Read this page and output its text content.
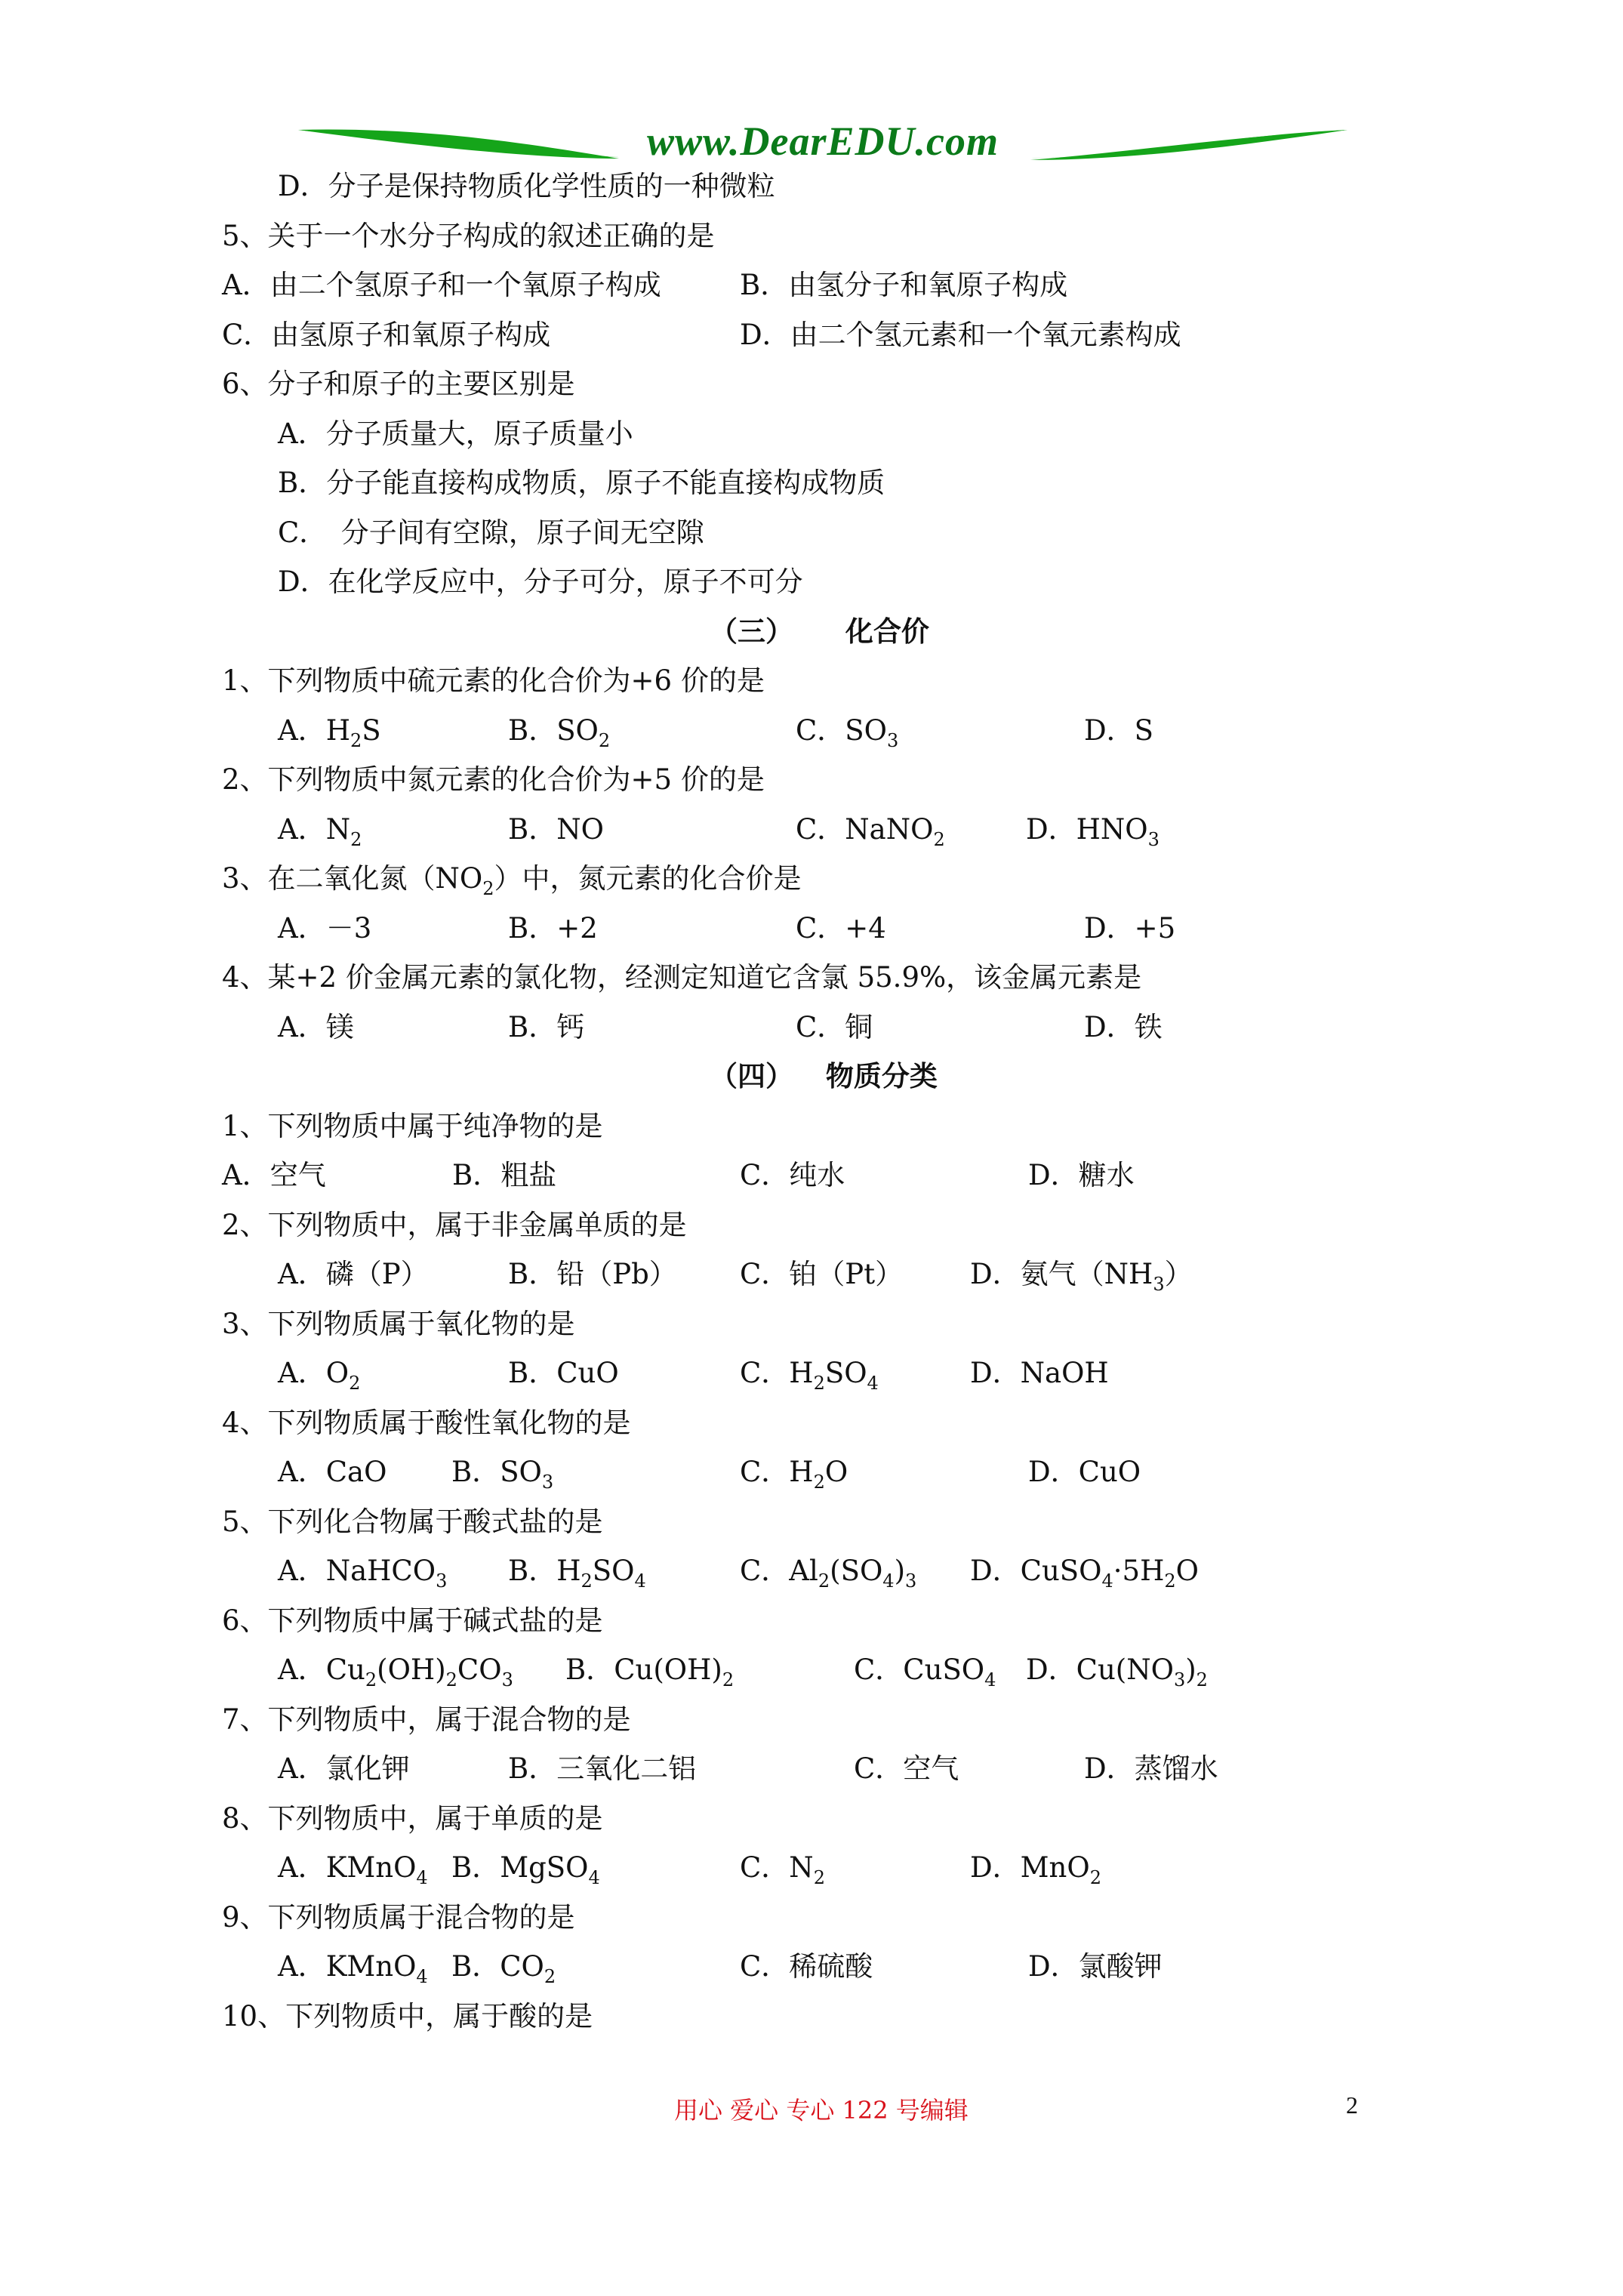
www.DearEDU.com
D．分子是保持物质化学性质的一种微粒
5、关于一个水分子构成的叙述正确的是
A．由二个氢原子和一个氧原子构成	B．由氢分子和氧原子构成
C．由氢原子和氧原子构成	D．由二个氢元素和一个氧元素构成
6、分子和原子的主要区别是
A．分子质量大，原子质量小
B．分子能直接构成物质，原子不能直接构成物质
C．　分子间有空隙，原子间无空隙
D．在化学反应中，分子可分，原子不可分
（三） 化合价
1、下列物质中硫元素的化合价为+6 价的是
A．$H_2S$	B．$SO_2$	C．$SO_3$	D．S
2、下列物质中氮元素的化合价为+5 价的是
A．$N_2$	B．NO	C．NaNO$_2$	D．$HNO_3$
3、在二氧化氮$(NO_2)$中，氮元素的化合价是
A．－3	B．+2	C．+4	D．+5
4、某+2 价金属元素的氯化物，经测定知道它含氯 55.9%，该金属元素是
A．镁	B．钙	C．铜	D．铁
（四） 物质分类
1、下列物质中属于纯净物的是
A．空气	B．粗盐	C．纯水	D．糖水
2、下列物质中，属于非金属单质的是
A．磷（P）	B．铅（Pb） C．铂（Pt） D．氨气$(NH_3)$
3、下列物质属于氧化物的是
A．$O_2$	B．CuO	C．$H_2SO_4$	D．NaOH
4、下列物质属于酸性氧化物的是
A．CaO B．$SO_3$	C．$H_2O$	D．CuO
5、下列化合物属于酸式盐的是
A．NaHCO$_3$ B．$H_2SO_4$	C．$Al_2(SO_4)_3$ D．$CuSO_4\cdot 5H_2O$
6、下列物质中属于碱式盐的是
A．$Cu_2(OH)_2CO_3$ B．$Cu(OH)_2$	C．CuSO$_4$ D．$Cu(NO_3)_2$
7、下列物质中，属于混合物的是
A．氯化钾	B．三氧化二铝	C．空气	D．蒸馏水
8、下列物质中，属于单质的是
A．KMnO$_4$ B．MgSO$_4$	C．$N_2$	D．MnO$_2$
9、下列物质属于混合物的是
A．KMnO$_4$ B．$CO_2$	C．稀硫酸	D．氯酸钾
10、下列物质中，属于酸的是
用心 爱心 专心 122 号编辑	2
